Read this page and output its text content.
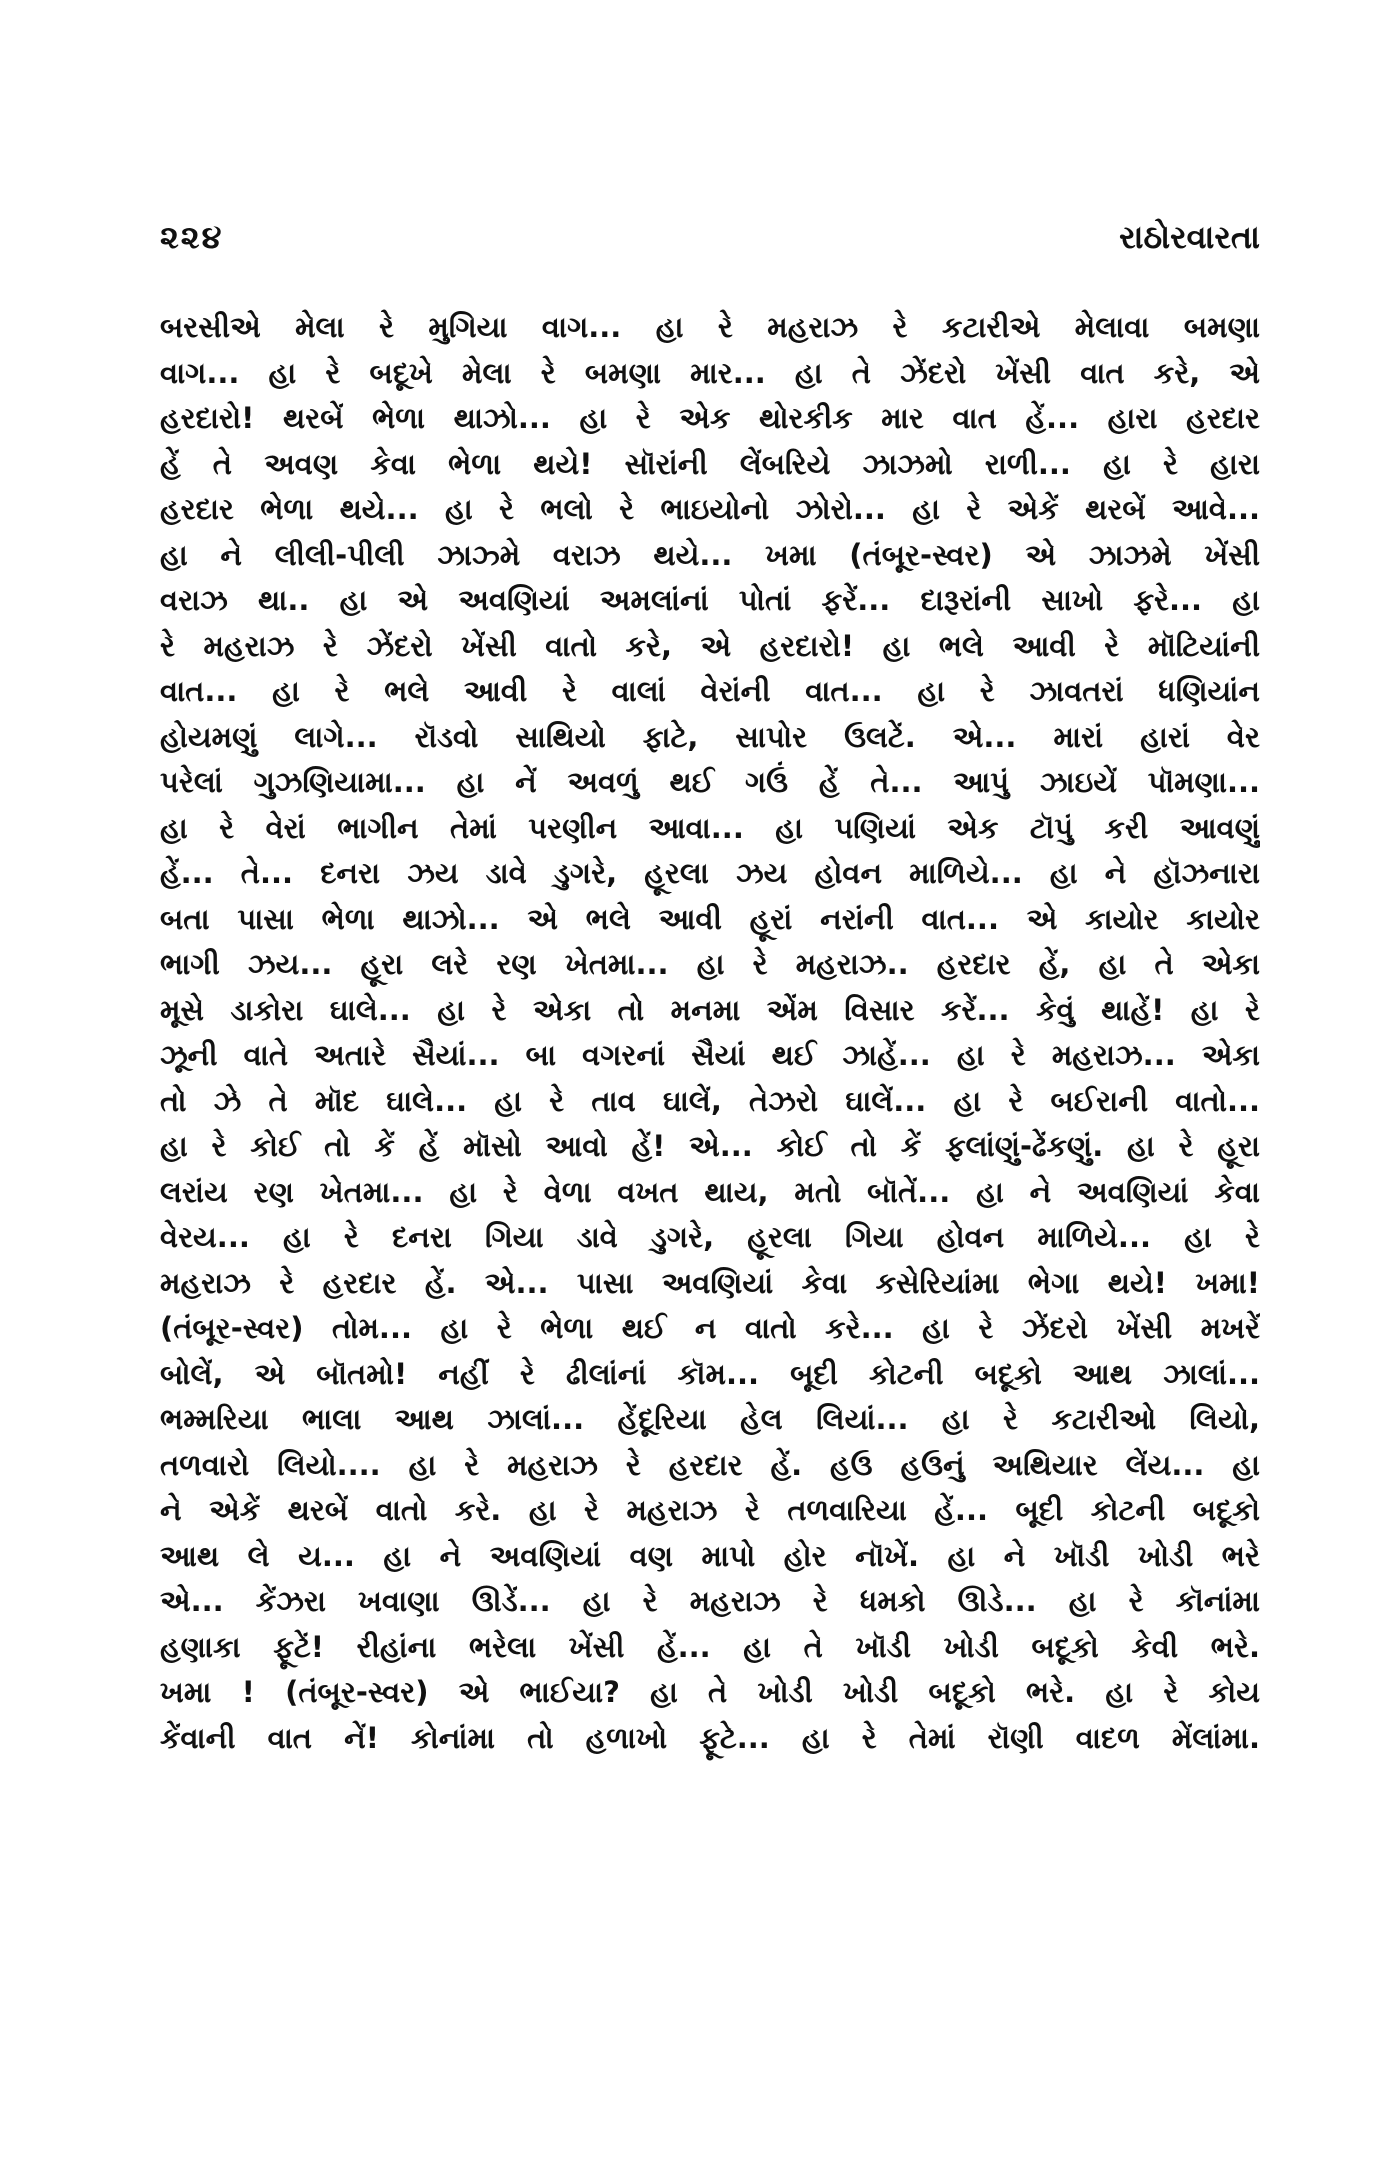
૨૨૪	રાઠોરવારતા
બરસીએ મેલા રે મુગિયા વાગ... હા રે મહરાઝ રે કટારીએ મેલાવા બમણા
વાગ... હા રે બદૂખે મેલા રે બમણા માર... હા તે ઝેંદરો ખેંસી વાત કરે, એ
હરદારો! થરબેં ભેળા થાઝો... હા રે એક થોરકીક માર વાત હેં... હારા હરદાર
હેં તે અવણ કેવા ભેળા થયે! સૉરાંની લેંબરિયે ઝાઝમો રાળી... હા રે હારા
હરદાર ભેળા થયે... હા રે ભલો રે ભાઇયોનો ઝોરો... હા રે એકેં થરબેં આવે...
હા ને લીલી-પીલી ઝાઝ્મે વરાઝ થયે... ખમા (તંબૂર-સ્વર) એ ઝાઝમે ખેંસી
વરાઝ થા.. હા એ અવણિયાં અમલાંનાં પોતાં ફરેં... દારૂરાંની સાખો ફરે... હા
રે મહરાઝ રે ઝેંદરો ખેંસી વાતો કરે, એ હરદારો! હા ભલે આવી રે મૉટિયાંની
વાત... હા રે ભલે આવી રે વાલાં વેરાંની વાત... હા રે ઝાવતરાં ધણિયાંન
હોયમણું લાગે... રૉડવો સાથિયો ફાટે, સાપોર ઉલટેં. એ... મારાં હારાં વેર
પરેલાં ગુઝણિયામા... હા નેં અવળું થઈ ગઉં હેં તે... આપું ઝાઇયેં પૉમણા...
હા રે વેરાં ભાગીન તેમાં પરણીન આવા... હા પણિયાં એક ટૉપું કરી આવણું
હેં... તે... દનરા ઝય ડાવે ડુગરે, હૂરલા ઝય હોવન માળિયે... હા ને હૉઝનારા
બતા પાસા ભેળા થાઝો... એ ભલે આવી હૂરાં નરાંની વાત... એ કાયોર કાયોર
ભાગી ઝય... હૂરા લરે રણ ખેતમા... હા રે મહરાઝ.. હરદાર હેં, હા તે એકા
મૂસે ડાકોરા ઘાલે... હા રે એકા તો મનમા એંમ વિસાર કરેં... કેવું થાહેં! હા રે
ઝૂની વાતે અતારે સૈયાં... બા વગરનાં સૈયાં થઈ ઝાહેં... હા રે મહરાઝ... એકા
તો ઝે તે મૉદ ઘાલે... હા રે તાવ ઘાલેં, તેઝરો ઘાલેં... હા રે બઈરાની વાતો...
હા રે કોઈ તો કેં હેં મૉસો આવો હેં! એ... કોઈ તો કેં ફલાંણું-ઢેંકણું. હા રે હૂરા
લરાંય રણ ખેતમા... હા રે વેળા વખત થાય, મતો બૉતેં... હા ને અવણિયાં કેવા
વેરય... હા રે દનરા ગિયા ડાવે ડુગરે, હૂરલા ગિયા હોવન માળિયે... હા રે
મહરાઝ રે હરદાર હેં. એ... પાસા અવણિયાં કેવા કસેરિયાંમા ભેગા થયે! ખમા!
(તંબૂર-સ્વર) તોમ... હા રે ભેળા થઈ ન વાતો કરે... હા રે ઝેંદરો ખેંસી મખરેં
બોલેં, એ બૉતમો! નહીં રે ઢીલાંનાં કૉમ... બૂદી કોટની બદૂકો આથ ઝાલાં...
ભમ્મરિયા ભાલા આથ ઝાલાં... હેંદૂરિયા હેલ લિયાં... હા રે કટારીઓ લિયો,
તળવારો લિયો.... હા રે મહરાઝ રે હરદાર હેં. હઉ હઉનું અથિયાર લેંય... હા
ને એકેં થરબેં વાતો કરે. હા રે મહરાઝ રે તળવારિયા હેં... બૂદી કોટની બદૂકો
આથ લે ય... હા ને અવણિયાં વણ માપો હોર નૉખેં. હા ને ખૉડી ખોડી ભરે
એ... કેંઝરા ખવાણા ઊડેં... હા રે મહરાઝ રે ધમકો ઊડે... હા રે કૉનાંમા
હણાકા ફૂટેં! રીહાંના ભરેલા ખેંસી હેં... હા તે ખૉડી ખોડી બદૂકો કેવી ભરે.
ખમા ! (તંબૂર-સ્વર) એ ભાઈયા? હા તે ખોડી ખોડી બદૂકો ભરે. હા રે કોય
કેંવાની વાત નેં! કોનાંમા તો હળાખો ફૂટે... હા રે તેમાં રૉણી વાદળ મેંલાંમા.
